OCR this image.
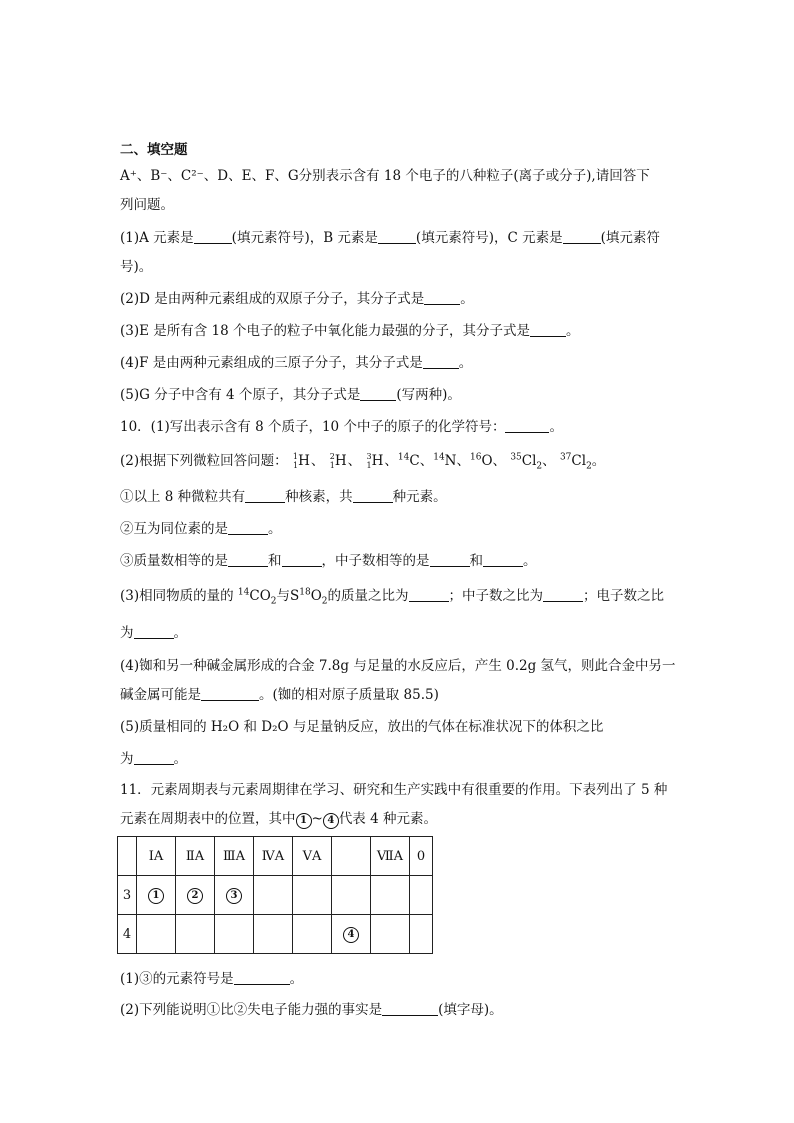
二、填空题
A⁺、B⁻、C²⁻、D、E、F、G分别表示含有 18 个电子的八种粒子(离子或分子),请回答下
列问题。
(1)A 元素是	(填元素符号)，B 元素是	(填元素符号)，C 元素是	(填元素符
号)。
(2)D 是由两种元素组成的双原子分子，其分子式是	。
(3)E 是所有含 18 个电子的粒子中氧化能力最强的分子，其分子式是	。
(4)F 是由两种元素组成的三原子分子，其分子式是	。
(5)G 分子中含有 4 个原子，其分子式是	(写两种)。
10．(1)写出表示含有 8 个质子，10 个中子的原子的化学符号：	。
(2)根据下列微粒回答问题： $^1_1$H、 $^2_1$H、 $^3_1$H、$^{14}$C、$^{14}$N、$^{16}$O、 $^{35}Cl_2$、 $^{37}Cl_2$。
①以上 8 种微粒共有	种核素，共	种元素。
②互为同位素的是	。
③质量数相等的是	和	，中子数相等的是	和	。
(3)相同物质的量的 $^{14}CO_2$与$S^{18}O_2$的质量之比为	；中子数之比为	；电子数之比
为	。
(4)铷和另一种碱金属形成的合金 7.8g 与足量的水反应后，产生 0.2g 氢气，则此合金中另一
碱金属可能是	。(铷的相对原子质量取 85.5)
(5)质量相同的 H₂O 和 D₂O 与足量钠反应，放出的气体在标准状况下的体积之比
为	。
11．元素周期表与元素周期律在学习、研究和生产实践中有很重要的作用。下表列出了 5 种
元素在周期表中的位置，其中 1 ~ 4 代表 4 种元素。
	ⅠA	ⅡA	ⅢA	ⅣA	ⅤA		ⅦA	0
3	1	2	3					
4						4		
(1)③的元素符号是	。
(2)下列能说明①比②失电子能力强的事实是	(填字母)。
